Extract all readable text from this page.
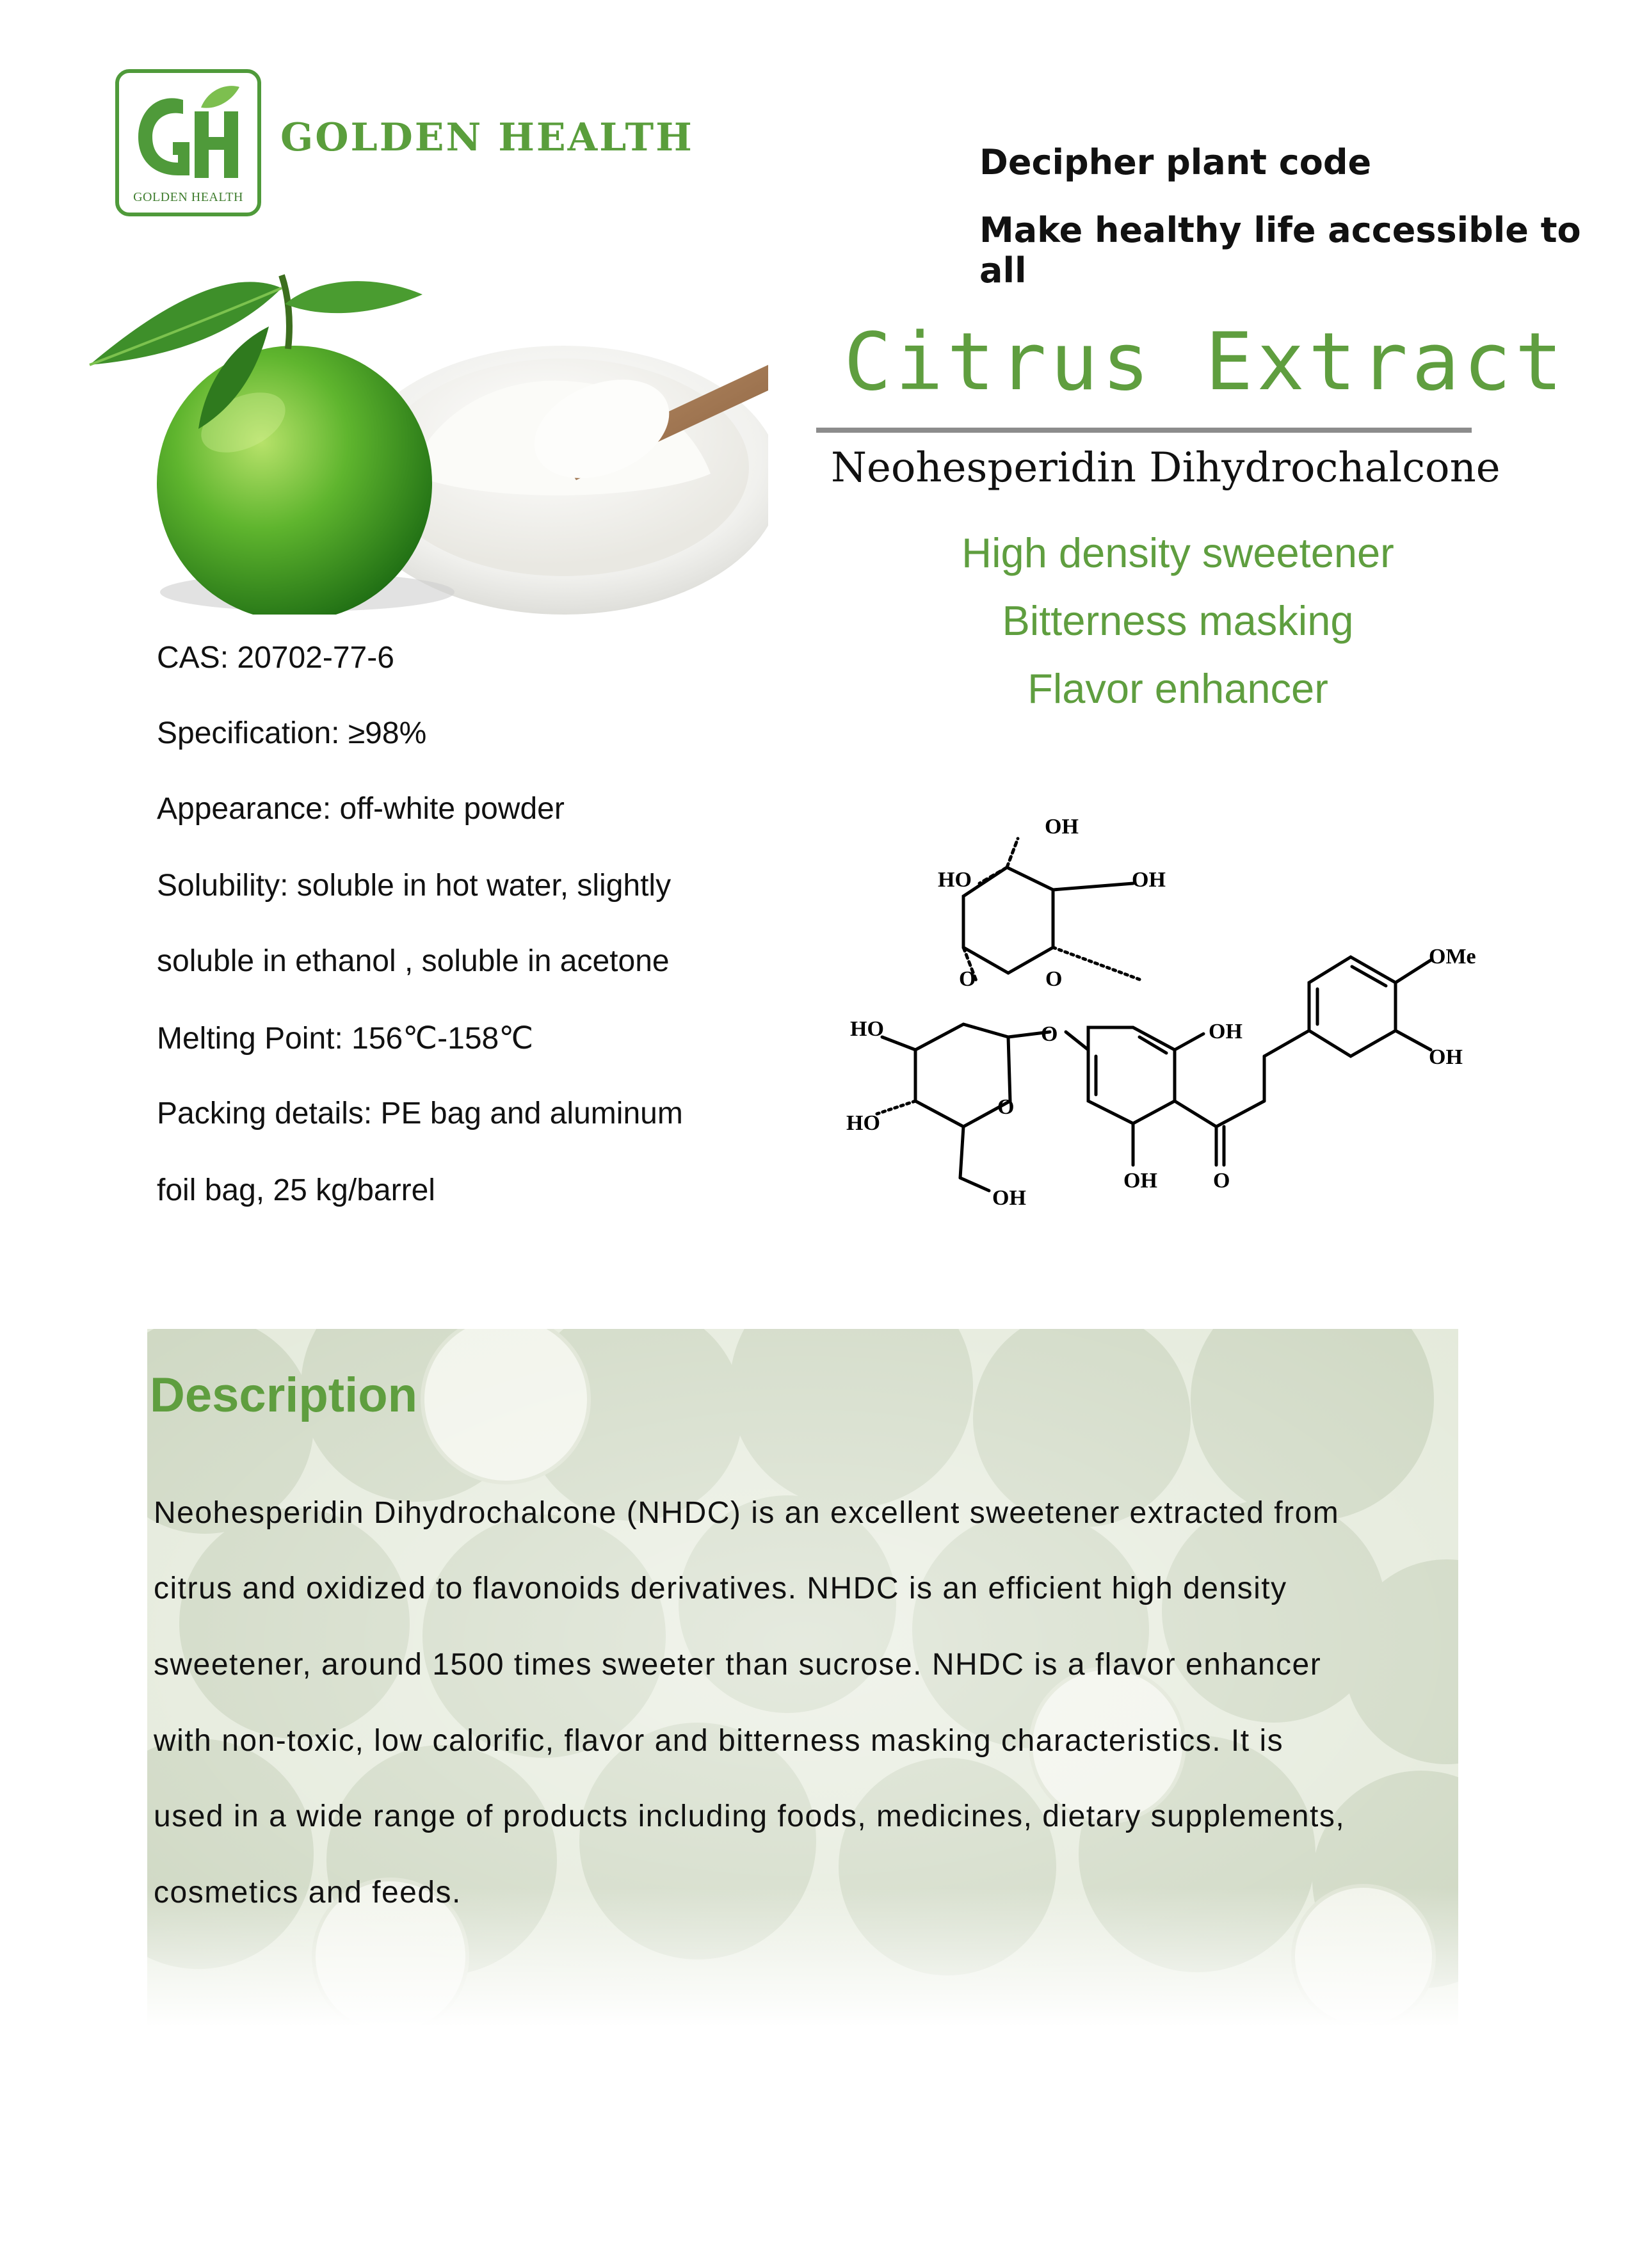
GOLDEN HEALTH
GOLDEN HEALTH
Decipher plant code
Make healthy life accessible to all
Citrus Extract
Neohesperidin Dihydrochalcone
High density sweetener
Bitterness masking
Flavor enhancer
CAS: 20702-77-6
Specification: ≥98%
Appearance: off-white powder
Solubility: soluble in hot water, slightly
soluble in ethanol , soluble in acetone
Melting Point: 156℃-158℃
Packing details: PE bag and aluminum
foil bag, 25 kg/barrel
OH
HO	OH
O
O
OMe
HO	O	OH
OH
O
HO
OH
OH	O
Description
Neohesperidin Dihydrochalcone (NHDC) is an excellent sweetener extracted from
citrus and oxidized to flavonoids derivatives. NHDC is an efficient high density
sweetener, around 1500 times sweeter than sucrose. NHDC is a flavor enhancer
with non-toxic, low calorific, flavor and bitterness masking characteristics. It is
used in a wide range of products including foods, medicines, dietary supplements,
cosmetics and feeds.
